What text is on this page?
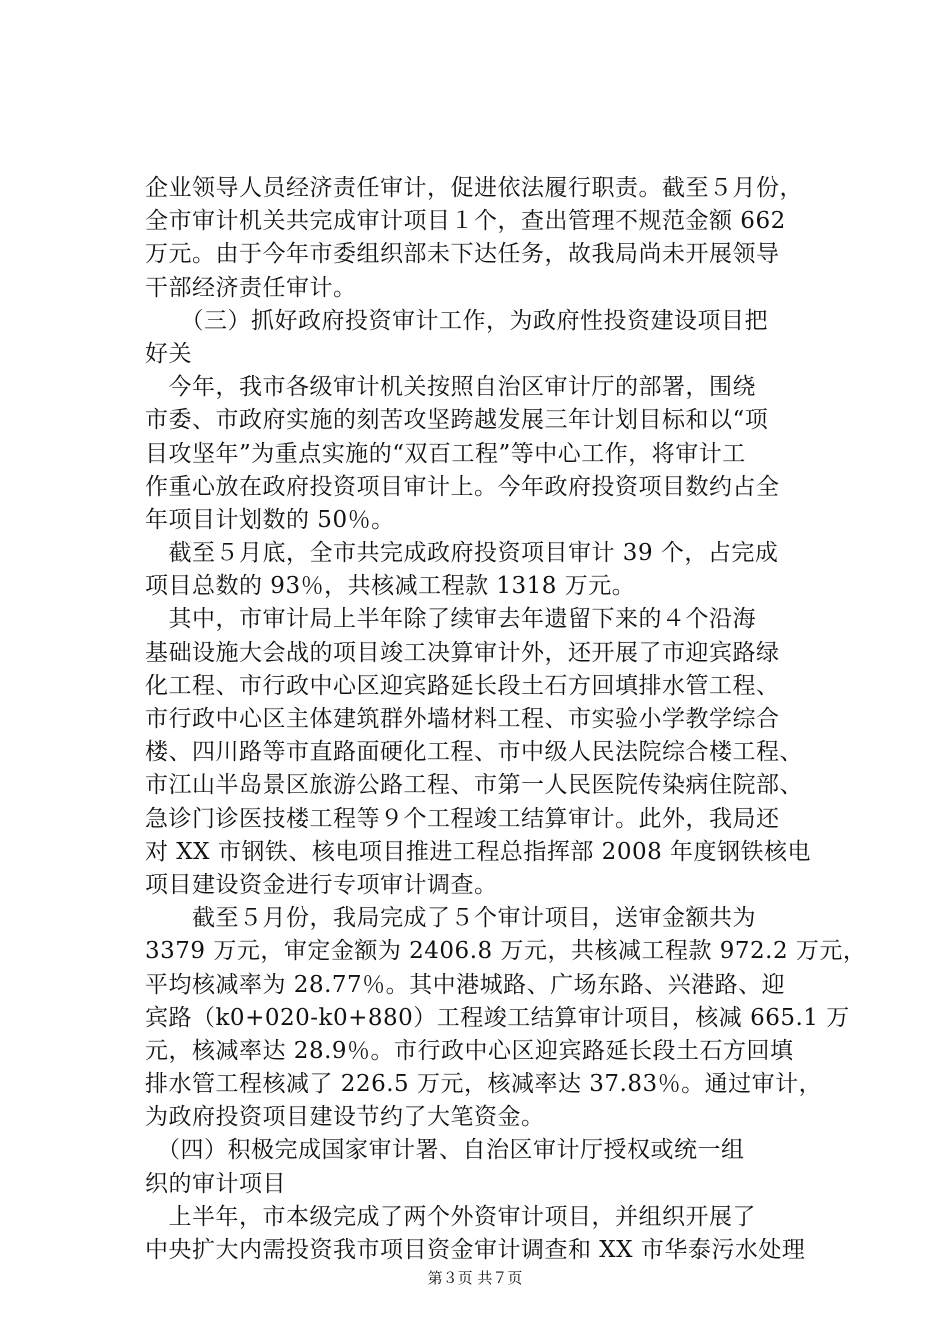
企业领导人员经济责任审计，促进依法履行职责。截至５月份，
全市审计机关共完成审计项目１个，查出管理不规范金额 662
万元。由于今年市委组织部未下达任务，故我局尚未开展领导
干部经济责任审计。
　　（三）抓好政府投资审计工作，为政府性投资建设项目把
好关
　今年，我市各级审计机关按照自治区审计厅的部署，围绕
市委、市政府实施的刻苦攻坚跨越发展三年计划目标和以“项
目攻坚年”为重点实施的“双百工程”等中心工作，将审计工
作重心放在政府投资项目审计上。今年政府投资项目数约占全
年项目计划数的 50％。
　截至５月底，全市共完成政府投资项目审计 39 个，占完成
项目总数的 93％，共核减工程款 1318 万元。
　其中，市审计局上半年除了续审去年遗留下来的４个沿海
基础设施大会战的项目竣工决算审计外，还开展了市迎宾路绿
化工程、市行政中心区迎宾路延长段土石方回填排水管工程、
市行政中心区主体建筑群外墙材料工程、市实验小学教学综合
楼、四川路等市直路面硬化工程、市中级人民法院综合楼工程、
市江山半岛景区旅游公路工程、市第一人民医院传染病住院部、
急诊门诊医技楼工程等９个工程竣工结算审计。此外，我局还
对 XX 市钢铁、核电项目推进工程总指挥部 2008 年度钢铁核电
项目建设资金进行专项审计调查。
　　截至５月份，我局完成了５个审计项目，送审金额共为
3379 万元，审定金额为 2406.8 万元，共核减工程款 972.2 万元，
平均核减率为 28.77％。其中港城路、广场东路、兴港路、迎
宾路（k0+020-k0+880）工程竣工结算审计项目，核减 665.1 万
元，核减率达 28.9％。市行政中心区迎宾路延长段土石方回填
排水管工程核减了 226.5 万元，核减率达 37.83％。通过审计，
为政府投资项目建设节约了大笔资金。
　（四）积极完成国家审计署、自治区审计厅授权或统一组
织的审计项目
　上半年，市本级完成了两个外资审计项目，并组织开展了
中央扩大内需投资我市项目资金审计调查和 XX 市华泰污水处理
第３页 共７页
